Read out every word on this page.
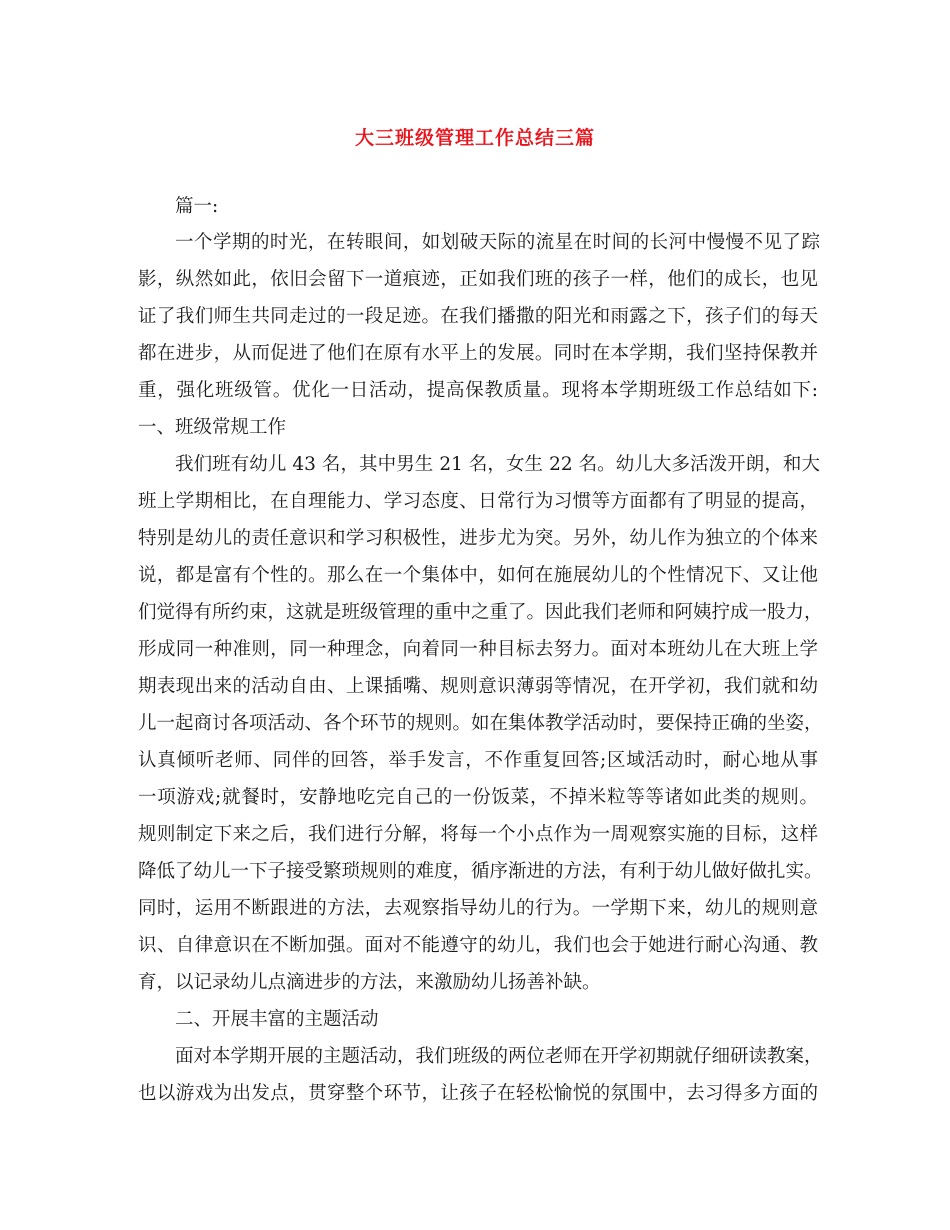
大三班级管理工作总结三篇
篇一:
一个学期的时光，在转眼间，如划破天际的流星在时间的长河中慢慢不见了踪
影，纵然如此，依旧会留下一道痕迹，正如我们班的孩子一样，他们的成长，也见
证了我们师生共同走过的一段足迹。在我们播撒的阳光和雨露之下，孩子们的每天
都在进步，从而促进了他们在原有水平上的发展。同时在本学期，我们坚持保教并
重，强化班级管。优化一日活动，提高保教质量。现将本学期班级工作总结如下:
一、班级常规工作
我们班有幼儿 43 名，其中男生 21 名，女生 22 名。幼儿大多活泼开朗，和大
班上学期相比，在自理能力、学习态度、日常行为习惯等方面都有了明显的提高，
特别是幼儿的责任意识和学习积极性，进步尤为突。另外，幼儿作为独立的个体来
说，都是富有个性的。那么在一个集体中，如何在施展幼儿的个性情况下、又让他
们觉得有所约束，这就是班级管理的重中之重了。因此我们老师和阿姨拧成一股力，
形成同一种准则，同一种理念，向着同一种目标去努力。面对本班幼儿在大班上学
期表现出来的活动自由、上课插嘴、规则意识薄弱等情况，在开学初，我们就和幼
儿一起商讨各项活动、各个环节的规则。如在集体教学活动时，要保持正确的坐姿，
认真倾听老师、同伴的回答，举手发言，不作重复回答;区域活动时，耐心地从事
一项游戏;就餐时，安静地吃完自己的一份饭菜，不掉米粒等等诸如此类的规则。
规则制定下来之后，我们进行分解，将每一个小点作为一周观察实施的目标，这样
降低了幼儿一下子接受繁琐规则的难度，循序渐进的方法，有利于幼儿做好做扎实。
同时，运用不断跟进的方法，去观察指导幼儿的行为。一学期下来，幼儿的规则意
识、自律意识在不断加强。面对不能遵守的幼儿，我们也会于她进行耐心沟通、教
育，以记录幼儿点滴进步的方法，来激励幼儿扬善补缺。
二、开展丰富的主题活动
面对本学期开展的主题活动，我们班级的两位老师在开学初期就仔细研读教案，
也以游戏为出发点，贯穿整个环节，让孩子在轻松愉悦的氛围中，去习得多方面的
